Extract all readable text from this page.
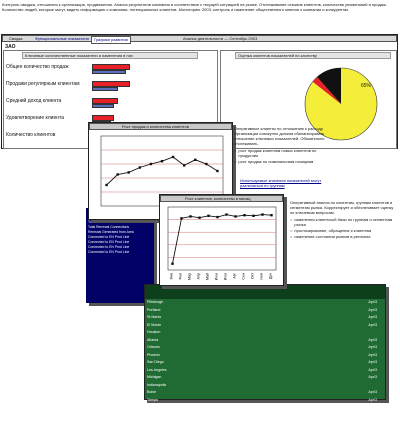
Контроль имиджа, отношения к организации, продвижения. Анализ результатов компании в соответствии с текущей ситуацией на рынке. Отслеживание отзывов клиентов, количества упоминаний и продаж. Количество людей, которые могут видеть информацию о компании, потенциальных клиентов. Мониторинг 2003: контроль и изменение общественного мнения о компании и конкурентах.
Сводка	Функциональные показатели	Графики развития	Анализ деятельности — Сентябрь 2003
ЗАО
Ключевые количественные показатели и изменения в них
Общее количество продаж
Продажи регулярным клиентам
Средний доход клиента
Удовлетворение клиента
Количество клиентов
Оценка клиентов показателей по качеству
65%
Total Renewals
Total Renewal Connections
Renewal Generated from Area
Connected to EN Prod Line
Connected to EN Prod Line
Connected to EN Prod Line
Connected to EN Prod Line
Pittsburgh	Apr/3
Portland	Apr/3
St Marks	Apr/3
El Monte	Apr/3
Houston
Atlanta	Apr/3
Orlando	Apr/3
Phoenix	Apr/3
San Diego	Apr/3
Los Angeles	Apr/3
Michigan	Apr/3
Indianapolis
Boise	Apr/3
Tampa	Apr/3
Miami
Columbus	Apr/3
Dover
Рост продаж и количества клиентов	Оперативные клиенты по отношению к расходу. Организация совокупно должна сбалансировать отношение ключевых показателей. Обязательно отслеживать.
○ рост продаж клиентам новых клиентов по продуктам
○ рост продаж по номинальным позициям
Используемые значения показателей могут различаться по группам
Рост клиентов, количество в месяц
Янв Фев Мар Апр Май Июн Июл Авг Сен Окт Ноя Дек
Оперативный анализ по клиентам, группам клиентов и сегментам рынка. Корректирует и обеспечивает оценку по ключевым вопросам.
○ изменения клиентской базы по группам и сегментам рынка
○ прогнозирование, обращение к клиентам
○ изменение состояния рынков в регионах
